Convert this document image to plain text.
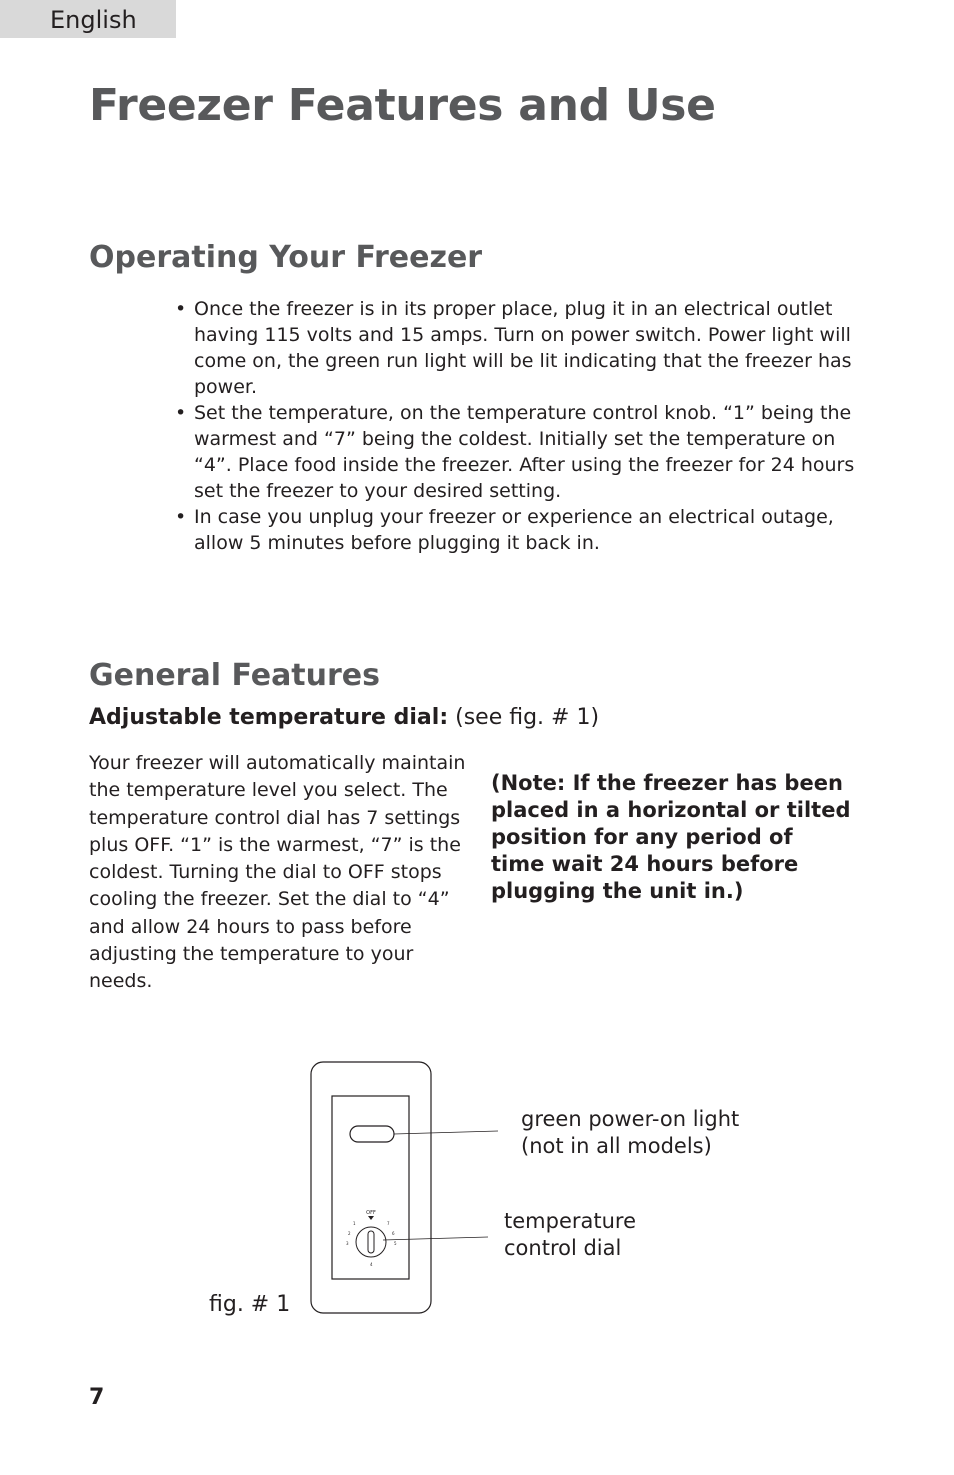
English
Freezer Features and Use
Operating Your Freezer
• Once the freezer is in its proper place, plug it in an electrical outlet having 115 volts and 15 amps. Turn on power switch. Power light will come on, the green run light will be lit indicating that the freezer has power.
• Set the temperature, on the temperature control knob. “1” being the warmest and “7” being the coldest. Initially set the temperature on “4”. Place food inside the freezer. After using the freezer for 24 hours set the freezer to your desired setting.
• In case you unplug your freezer or experience an electrical outage, allow 5 minutes before plugging it back in.
General Features
Adjustable temperature dial: (see fig. # 1)

Your freezer will automatically maintain the temperature level you select. The temperature control dial has 7 settings plus OFF. “1” is the warmest, “7” is the coldest. Turning the dial to OFF stops cooling the freezer. Set the dial to “4” and allow 24 hours to pass before adjusting the temperature to your needs.

(Note: If the freezer has been placed in a horizontal or tilted position for any period of time wait 24 hours before plugging the unit in.)

OFF
1
2
3
4
5
6
7

green power-on light (not in all models)

temperature control dial

fig. # 1
7
